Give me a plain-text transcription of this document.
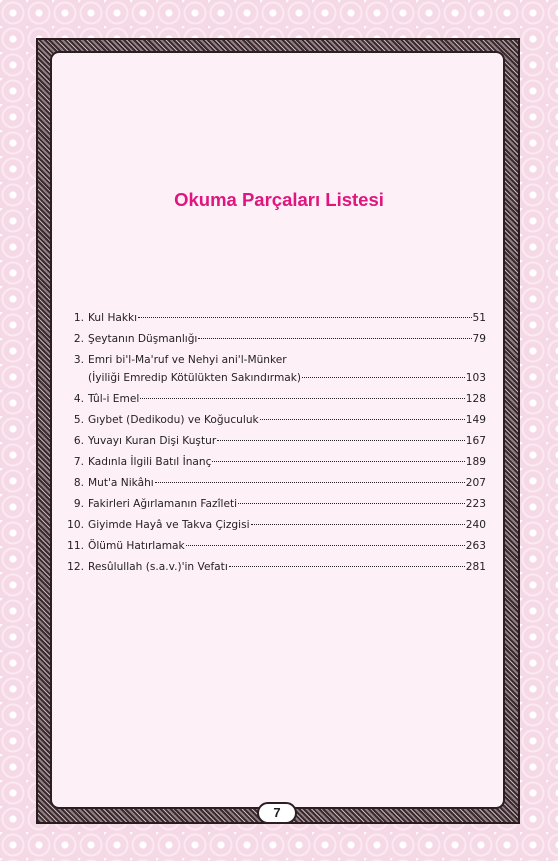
Okuma Parçaları Listesi
1. Kul Hakkı	51
2. Şeytanın Düşmanlığı	79
3. Emri bi'l-Ma'ruf ve Nehyi ani'l-Münker
(İyiliği Emredip Kötülükten Sakındırmak)	103
4. Tûl-i Emel	128
5. Gıybet (Dedikodu) ve Koğuculuk	149
6. Yuvayı Kuran Dişi Kuştur	167
7. Kadınla İlgili Batıl İnanç	189
8. Mut'a Nikâhı	207
9. Fakirleri Ağırlamanın Fazîleti	223
10. Giyimde Hayâ ve Takva Çizgisi	240
11. Ölümü Hatırlamak	263
12. Resûlullah (s.a.v.)'in Vefatı	281
7
